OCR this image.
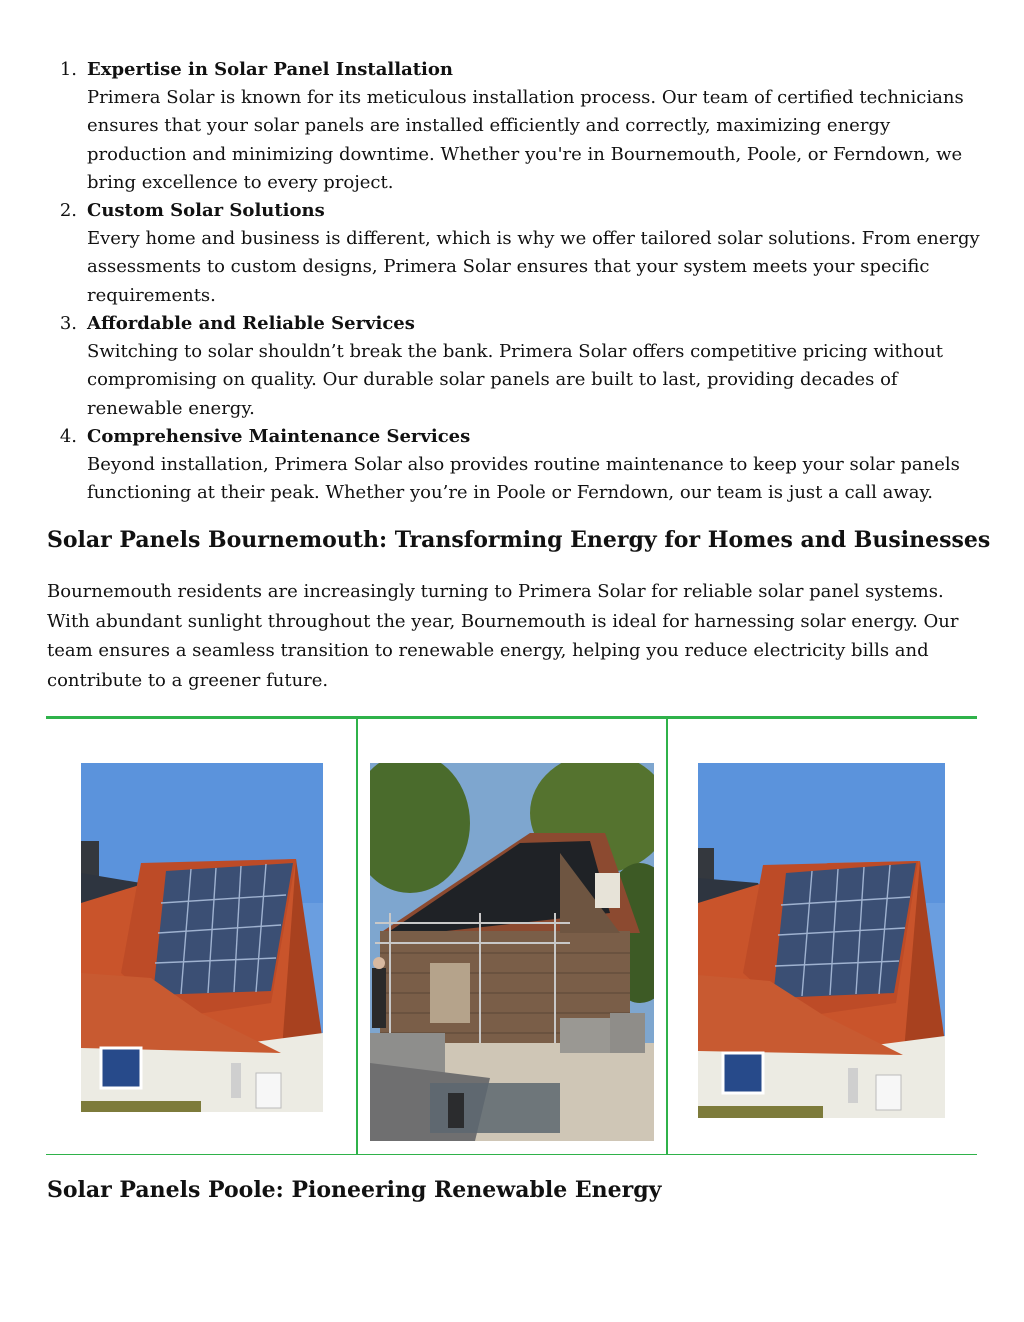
1. Expertise in Solar Panel Installation
Primera Solar is known for its meticulous installation process. Our team of certified technicians ensures that your solar panels are installed efficiently and correctly, maximizing energy production and minimizing downtime. Whether you're in Bournemouth, Poole, or Ferndown, we bring excellence to every project.
2. Custom Solar Solutions
Every home and business is different, which is why we offer tailored solar solutions. From energy assessments to custom designs, Primera Solar ensures that your system meets your specific requirements.
3. Affordable and Reliable Services
Switching to solar shouldn’t break the bank. Primera Solar offers competitive pricing without compromising on quality. Our durable solar panels are built to last, providing decades of renewable energy.
4. Comprehensive Maintenance Services
Beyond installation, Primera Solar also provides routine maintenance to keep your solar panels functioning at their peak. Whether you’re in Poole or Ferndown, our team is just a call away.
Solar Panels Bournemouth: Transforming Energy for Homes and Businesses

Bournemouth residents are increasingly turning to Primera Solar for reliable solar panel systems. With abundant sunlight throughout the year, Bournemouth is ideal for harnessing solar energy. Our team ensures a seamless transition to renewable energy, helping you reduce electricity bills and contribute to a greener future.

Solar Panels Poole: Pioneering Renewable Energy
